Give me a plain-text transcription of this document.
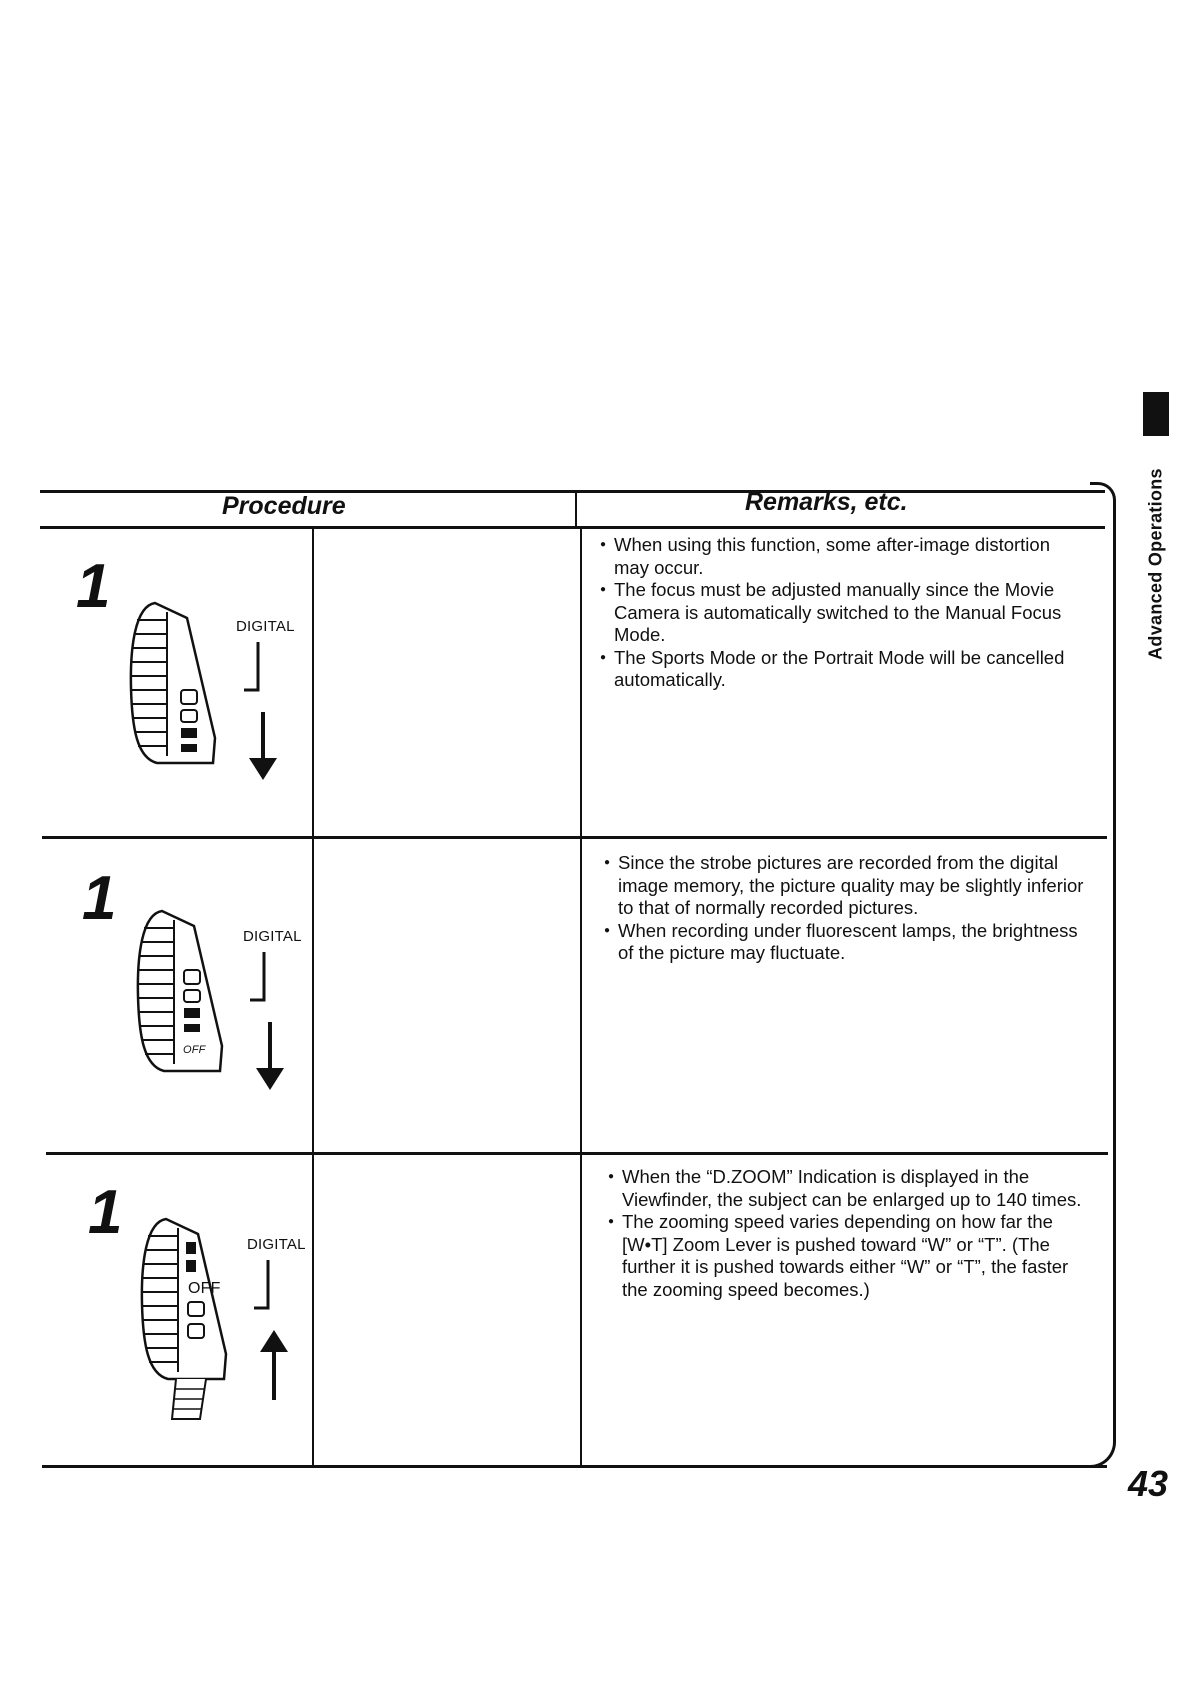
Advanced Operations
Procedure	Remarks, etc.
1
DIGITAL
● When using this function, some after-image distortion may occur.
● The focus must be adjusted manually since the Movie Camera is automatically switched to the Manual Focus Mode.
● The Sports Mode or the Portrait Mode will be cancelled automatically.
1
OFF
DIGITAL
● Since the strobe pictures are recorded from the digital image memory, the picture quality may be slightly inferior to that of normally recorded pictures.
● When recording under fluorescent lamps, the brightness of the picture may fluctuate.
1
OFF
DIGITAL
● When the “D.ZOOM” Indication is displayed in the Viewfinder, the subject can be enlarged up to 140 times.
● The zooming speed varies depending on how far the [W•T] Zoom Lever is pushed toward “W” or “T”. (The further it is pushed towards either “W” or “T”, the faster the zooming speed becomes.)
43
